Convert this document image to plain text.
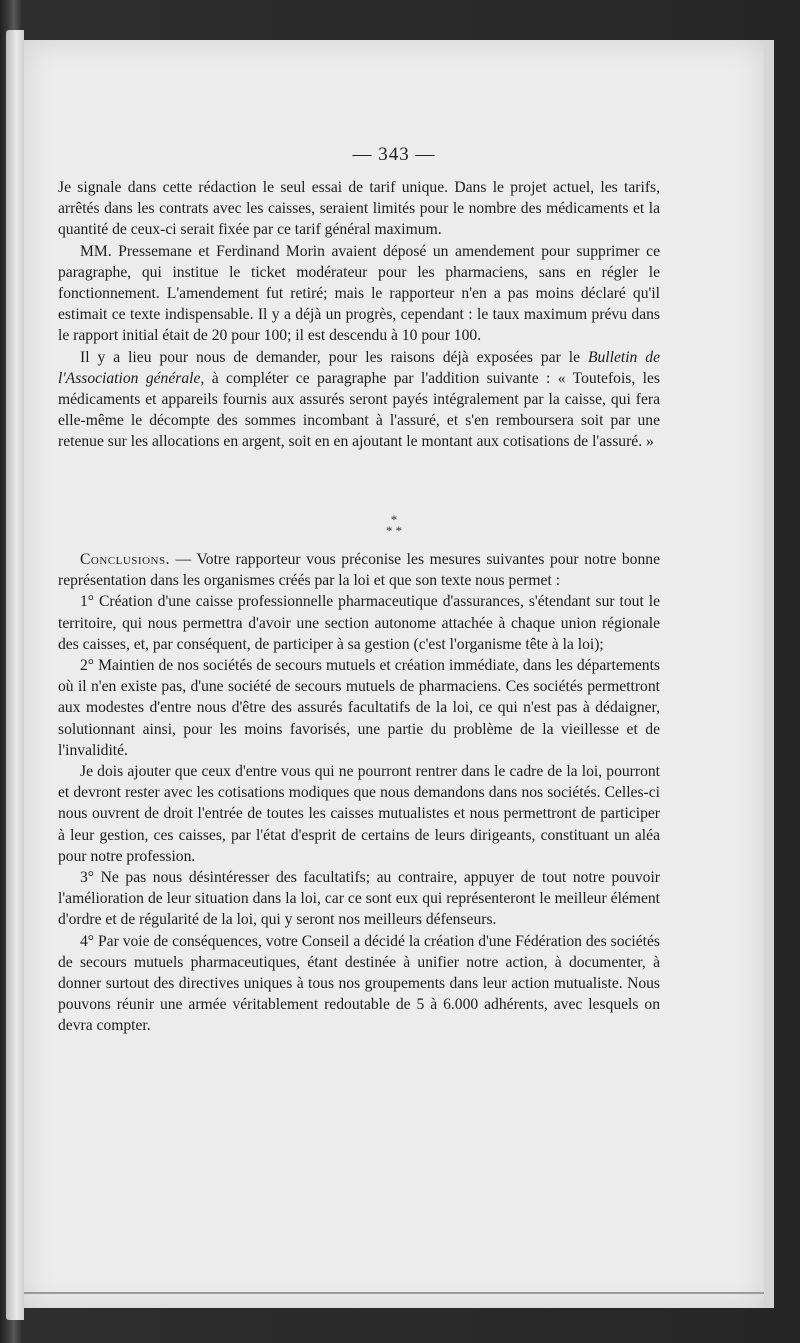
— 343 —

Je signale dans cette rédaction le seul essai de tarif unique. Dans le projet actuel, les tarifs, arrêtés dans les contrats avec les caisses, seraient limités pour le nombre des médicaments et la quantité de ceux-ci serait fixée par ce tarif général maximum.

MM. Pressemane et Ferdinand Morin avaient déposé un amendement pour supprimer ce paragraphe, qui institue le ticket modérateur pour les pharmaciens, sans en régler le fonctionnement. L'amendement fut retiré; mais le rapporteur n'en a pas moins déclaré qu'il estimait ce texte indispensable. Il y a déjà un progrès, cependant : le taux maximum prévu dans le rapport initial était de 20 pour 100; il est descendu à 10 pour 100.

Il y a lieu pour nous de demander, pour les raisons déjà exposées par le Bulletin de l'Association générale, à compléter ce paragraphe par l'addition suivante : « Toutefois, les médicaments et appareils fournis aux assurés seront payés intégralement par la caisse, qui fera elle-même le décompte des sommes incombant à l'assuré, et s'en remboursera soit par une retenue sur les allocations en argent, soit en en ajoutant le montant aux cotisations de l'assuré. »

*
* *

Conclusions. — Votre rapporteur vous préconise les mesures suivantes pour notre bonne représentation dans les organismes créés par la loi et que son texte nous permet :

1° Création d'une caisse professionnelle pharmaceutique d'assurances, s'étendant sur tout le territoire, qui nous permettra d'avoir une section autonome attachée à chaque union régionale des caisses, et, par conséquent, de participer à sa gestion (c'est l'organisme tête à la loi);

2° Maintien de nos sociétés de secours mutuels et création immédiate, dans les départements où il n'en existe pas, d'une société de secours mutuels de pharmaciens. Ces sociétés permettront aux modestes d'entre nous d'être des assurés facultatifs de la loi, ce qui n'est pas à dédaigner, solutionnant ainsi, pour les moins favorisés, une partie du problème de la vieillesse et de l'invalidité.

Je dois ajouter que ceux d'entre vous qui ne pourront rentrer dans le cadre de la loi, pourront et devront rester avec les cotisations modiques que nous demandons dans nos sociétés. Celles-ci nous ouvrent de droit l'entrée de toutes les caisses mutualistes et nous permettront de participer à leur gestion, ces caisses, par l'état d'esprit de certains de leurs dirigeants, constituant un aléa pour notre profession.

3° Ne pas nous désintéresser des facultatifs; au contraire, appuyer de tout notre pouvoir l'amélioration de leur situation dans la loi, car ce sont eux qui représenteront le meilleur élément d'ordre et de régularité de la loi, qui y seront nos meilleurs défenseurs.

4° Par voie de conséquences, votre Conseil a décidé la création d'une Fédération des sociétés de secours mutuels pharmaceutiques, étant destinée à unifier notre action, à documenter, à donner surtout des directives uniques à tous nos groupements dans leur action mutualiste. Nous pouvons réunir une armée véritablement redoutable de 5 à 6.000 adhérents, avec lesquels on devra compter.
